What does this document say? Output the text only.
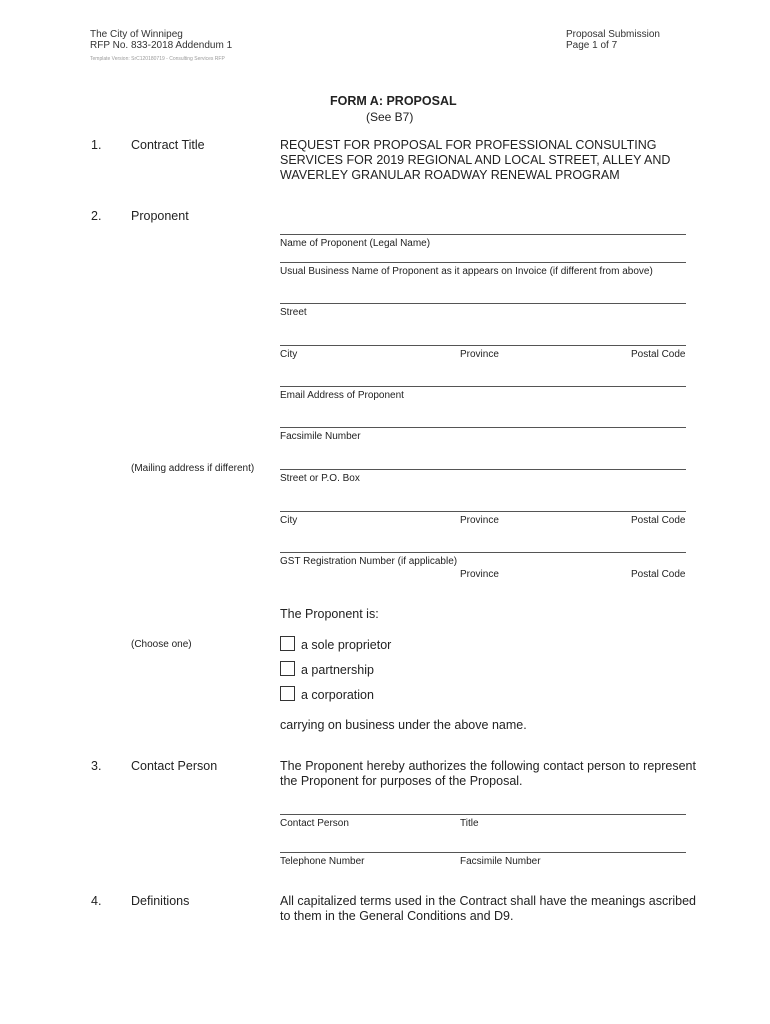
The City of Winnipeg
RFP No. 833-2018 Addendum 1
Template Version: SrC120180719 - Consulting Services RFP
Proposal Submission
Page 1 of 7
FORM A: PROPOSAL
(See B7)
1. Contract Title	REQUEST FOR PROPOSAL FOR PROFESSIONAL CONSULTING
SERVICES FOR 2019 REGIONAL AND LOCAL STREET, ALLEY AND
WAVERLEY GRANULAR ROADWAY RENEWAL PROGRAM
2. Proponent
Name of Proponent (Legal Name)
Usual Business Name of Proponent as it appears on Invoice (if different from above)
Street
City	Province	Postal Code
Email Address of Proponent
Facsimile Number
(Mailing address if different)
Street or P.O. Box
City	Province	Postal Code
GST Registration Number (if applicable)
Province	Postal Code
The Proponent is:
(Choose one)	a sole proprietor
a partnership
a corporation
carrying on business under the above name.
3. Contact Person	The Proponent hereby authorizes the following contact person to represent the Proponent for purposes of the Proposal.
Contact Person	Title
Telephone Number	Facsimile Number
4. Definitions	All capitalized terms used in the Contract shall have the meanings ascribed to them in the General Conditions and D9.
